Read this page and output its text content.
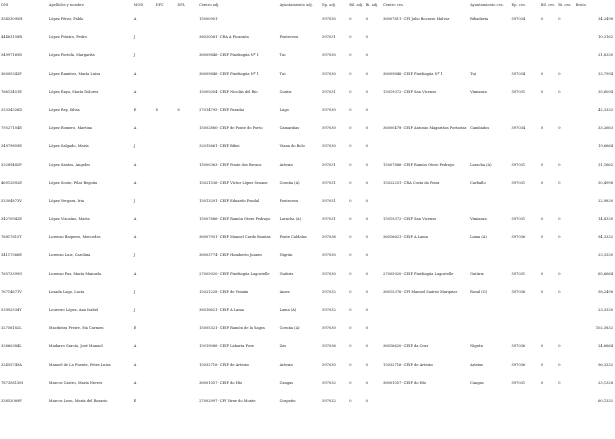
DNI	Apellidos y nombre	MOD	DPC	DPL	Centro adj.	Ayuntamiento adj.	Ep. adj.	Bil. adj.	Bi. adj.	Centro ces.	Ayuntamiento ces.	Ep. ces.	Bil. ces.	Bi. ces.	Bruto
35453090H	López Pérez, Pablo	A			15000901-		597030	0	0	36007811- CPI Julio Bocarro Malvar	Ribadavia	597034	0	0	34,2498
44463158R	López Piñeiro, Pedro	J			36020081- CRA A Picaraña	Pontecesu	597031	0	0						10,3162
34997169D	López Portela, Margarita	J			36009846- CEIP Pinelingúa Nº 1	Tui	597030	0	0						21,6330
36005343P	López Ramírez, María Luisa	A			36009846- CEIP Pinelingúa Nº 1	Tui	597030	0	0	36009846- CEIP Pinelingúa Nº 1	Tui	597034	0	0	33,7994
76613451E	López Raya, María Dolores	A			15005054- CEIP Nicolás del Río	Cuntis	597031	0	0	15019372- CEIP San Vicenzo	Vimianzo	597031	0	0	35,6094
33334326D	López Rey, Silvia	E	S	S	27014795- CEIP Paradai	Lugo	597030	0	0						42,3333
79527104E	López Romero, Martina	A			15002880- CEIP de Ponte do Porto	Camariñas	597030	0	0	36000478- CEIP Antonio Magariños Portarias	Cambados	597034	0	0	33,2663
34979859E	López Salgado, María	J			32015661- CEIP Bibei	Viana do Bolo	597030	0	0						19,6664
33289485P	López Santos, Ángeles	A			15000363- CEIP Ponte dos Brozos	Arteixo	597031	0	0	15007886- CEIP Ramón Otero Pedrayo	Laracha (A)	597031	0	0	31,1662
46912892E	López Souto, Pilar Begoña	A			15021536- CEIP Víctor López Seoane	Coruña (A)	597031	0	0	15022251- CRA Costa da Poira	Carballo	597031	0	0	30,4998
53304873V	López Vergara, Iria	J			15013291- CEIP Eduardo Pondal	Pontecesu	597031	0	0						22,9830
34270942E	López Vizcaíno, Marta	A			15007886- CEIP Ramón Otero Pedrayo	Laracha (A)	597031	0	0	15019372- CEIP San Vicenzo	Vimianzo	597031	0	0	14,8330
76817815T	Lorenzo Baquero, Mercedes	A			36007951- CEIP Manuel Cardo Bouñas	Ponte Caldelas	597036	0	0	36016621- CEIP A Lama	Lama (A)	597036	0	0	94,3332
34117566E	Lorenzo Luis, Carolina	J			36003774- CEIP Humberto Juanes	Nigrán	597030	0	0						23,3330
76573399G	Lorenzo Paz, María Manuela	A			27005920- CEIP Pinelingúa Lagostelle	Guitiriz	597030	0	0	27005920- CEIP Pinelingúa Lagostelle	Guitiriz	597031	0	0	65,6664
76714671V	Losada Lago, Lucía	J			15021228- CEIP de Vimián	Ames	597032	0	0	36015376- CPI Manuel Suárez Marquier	Rosal (O)	597036	0	0	58,2498
53992534Y	Loureiro López, Ana Isabel	J			36016621- CEIP A Lama	Lama (A)	597032	0	0						23,3330
32756182L	Macíñeira Freire, Ma Carmen	E			15005321- CEIP Ramón de la Sagra	Coruña (A)	597030	0	0						102,3832
32660384L	Madarro García, José Manuel	A			15019086- CEIP Labarta Pose	Zas	597036	0	0	36016620- CEIP da Cruz	Nigrán	597036	0	0	24,6664
32455749A	Manoel de La Fuente, Petra Luisa	A			15032716- CEIP de Arteixo	Arteixo	597030	0	0	15032716- CEIP de Arteixo	Arteixo	597036	0	0	96,3332
78735813M	Marcos Castro, María Nieves	A			36001057- CEIP do Hío	Cangas	597032	0	0	36001057- CEIP do Hío	Cangas	597031	0	0	23,1328
33852089P	Marcos Leon, María del Rosario	E			27002997- CPI Virxe do Monte	Cospeito	597032	0	0						60,1332
